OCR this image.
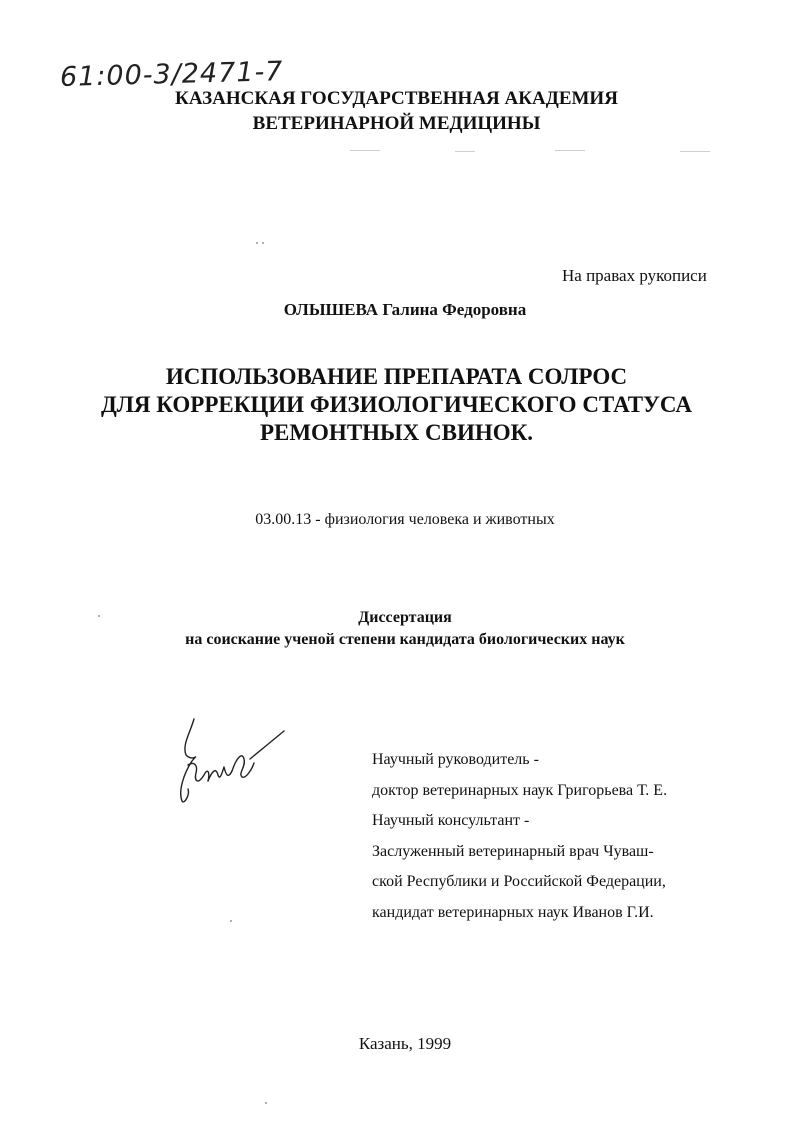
61:00-3/2471-7
КАЗАНСКАЯ ГОСУДАРСТВЕННАЯ АКАДЕМИЯ
ВЕТЕРИНАРНОЙ МЕДИЦИНЫ
На правах рукописи
ОЛЫШЕВА Галина Федоровна
ИСПОЛЬЗОВАНИЕ ПРЕПАРАТА СОЛРОС
ДЛЯ КОРРЕКЦИИ ФИЗИОЛОГИЧЕСКОГО СТАТУСА
РЕМОНТНЫХ СВИНОК.
03.00.13 - физиология человека и животных
Диссертация
на соискание ученой степени кандидата биологических наук
Научный руководитель -
доктор ветеринарных наук Григорьева Т. Е.
Научный консультант -
Заслуженный ветеринарный врач Чуваш-
ской Республики и Российской Федерации,
кандидат ветеринарных наук Иванов Г.И.
Казань, 1999
